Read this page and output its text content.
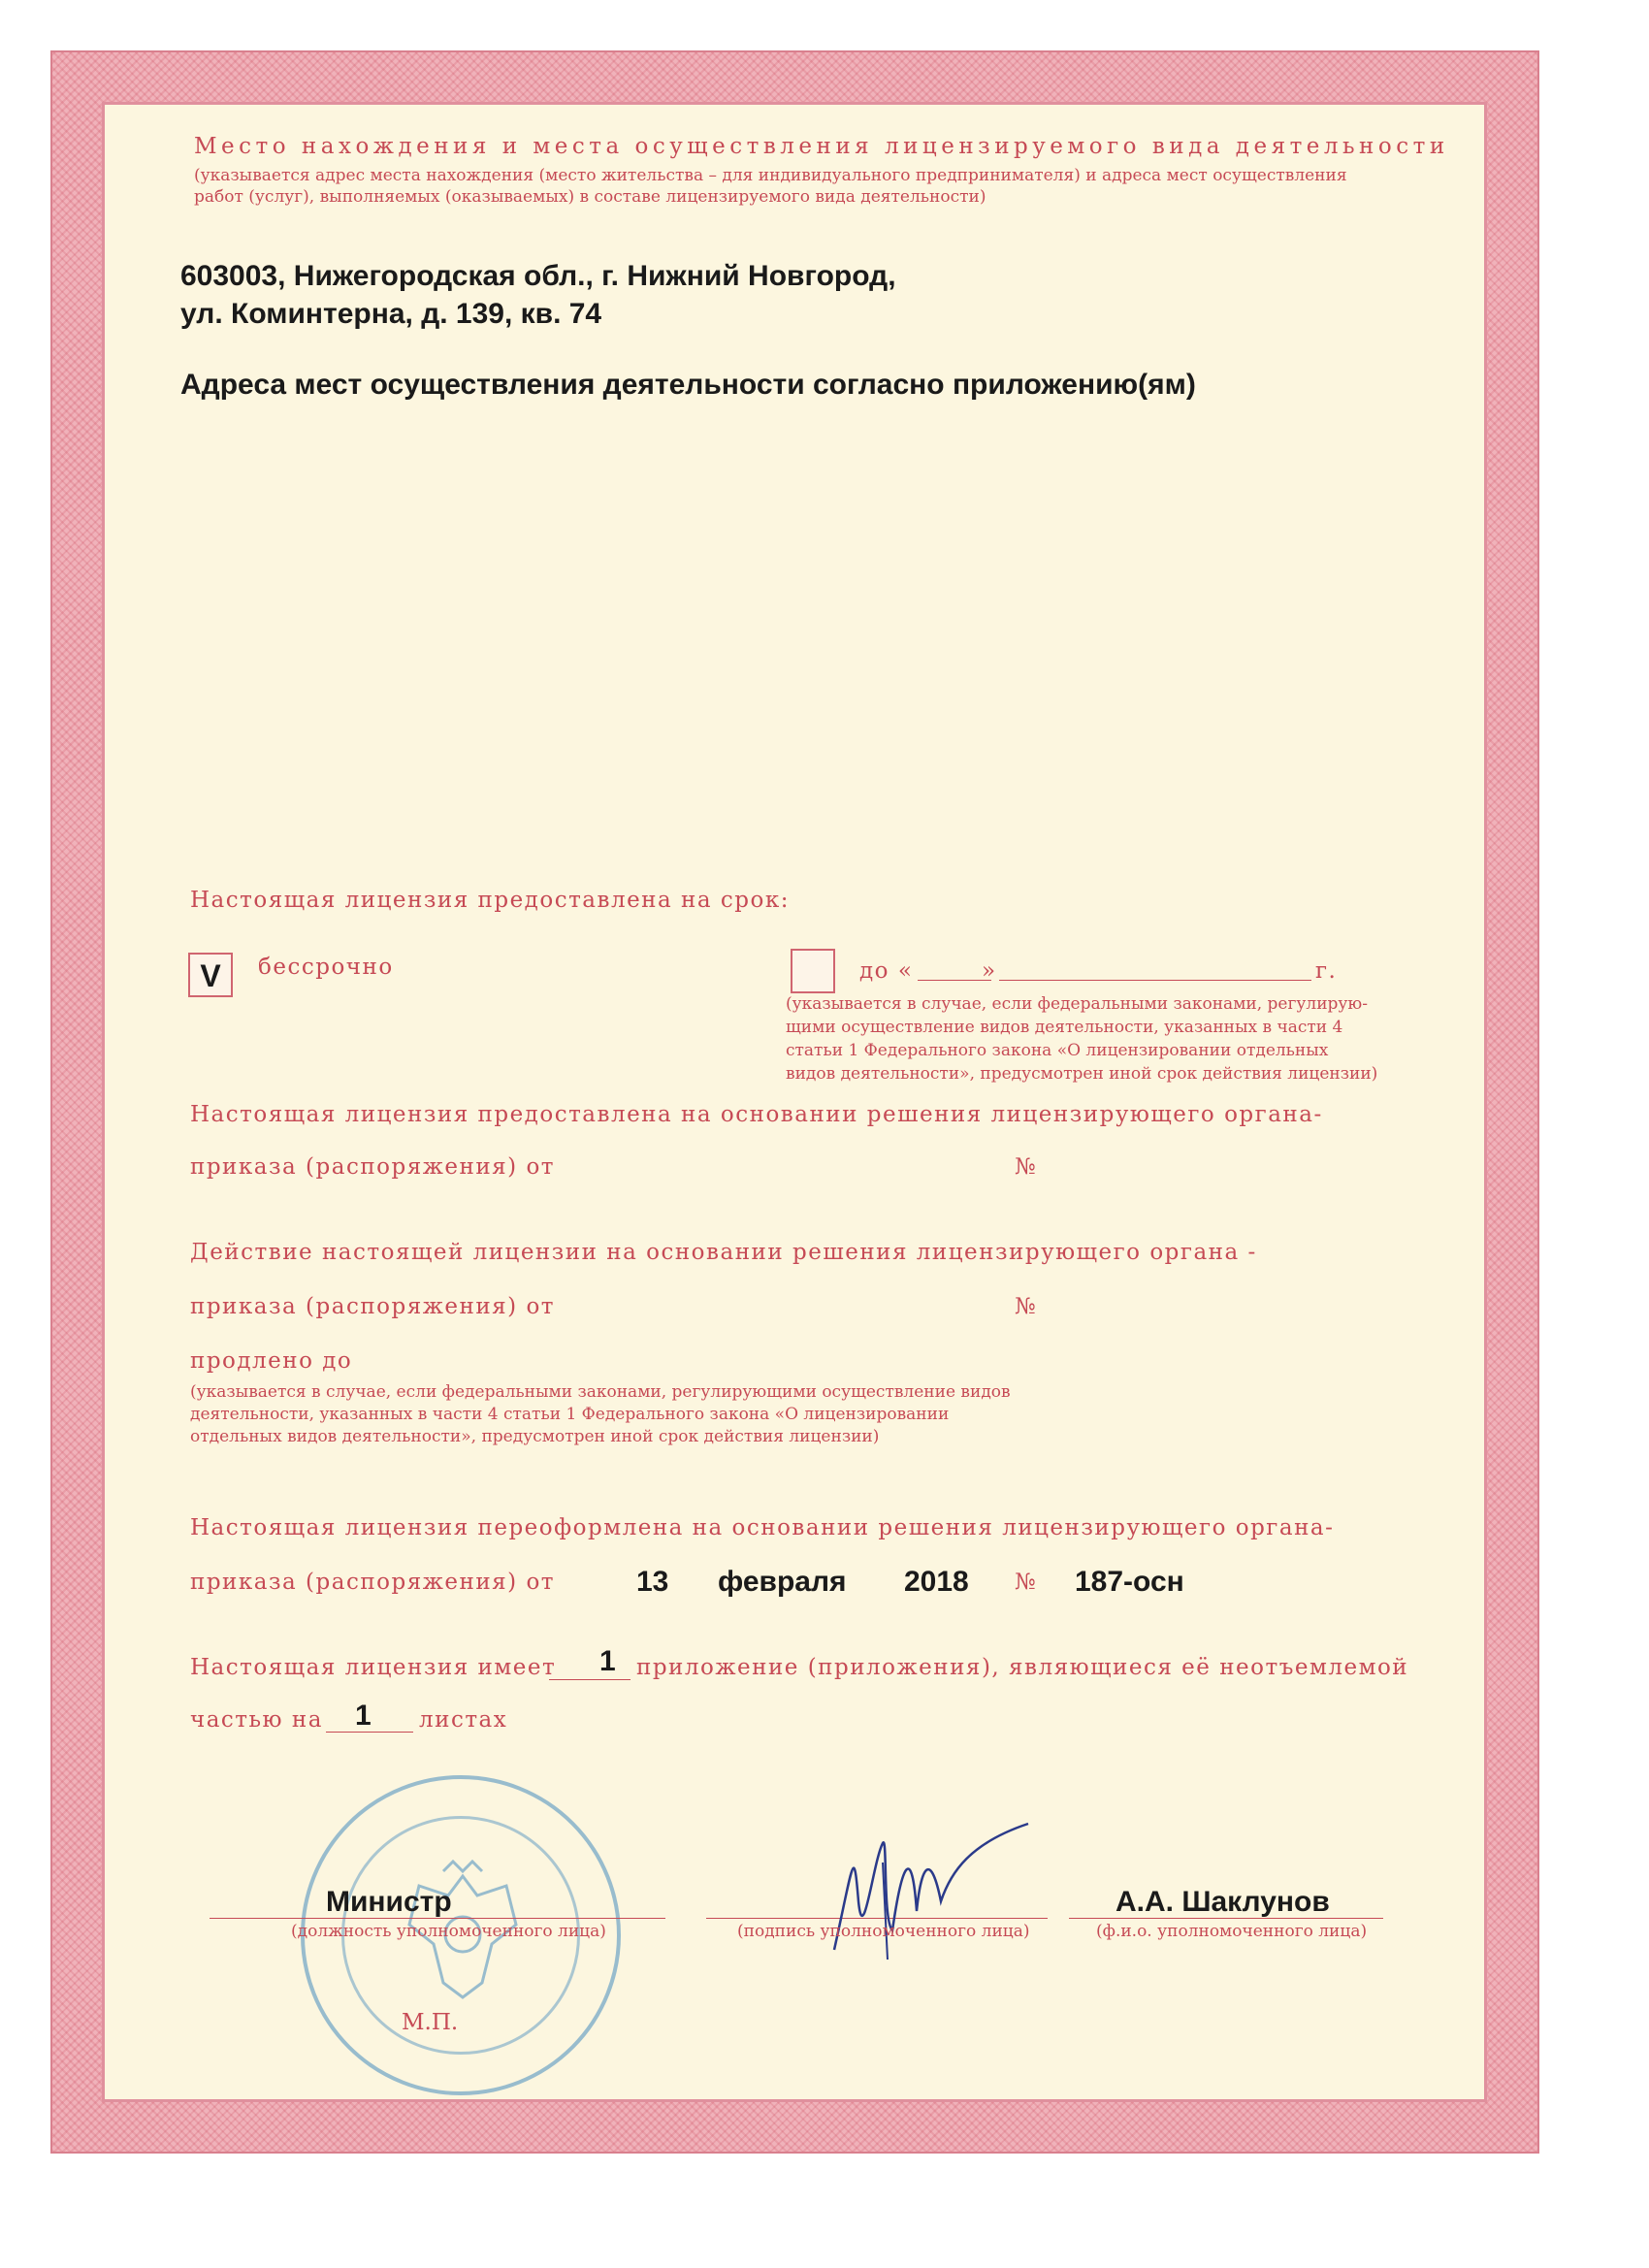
Место нахождения и места осуществления лицензируемого вида деятельности
(указывается адрес места нахождения (место жительства – для индивидуального предпринимателя) и адреса мест осуществления
работ (услуг), выполняемых (оказываемых) в составе лицензируемого вида деятельности)
603003, Нижегородская обл., г. Нижний Новгород,
ул. Коминтерна, д. 139, кв. 74
Адреса мест осуществления деятельности согласно приложению(ям)
Настоящая лицензия предоставлена на срок:
V	бессрочно	до «	»	г.
(указывается в случае, если федеральными законами, регулирую-
щими осуществление видов деятельности, указанных в части 4
статьи 1 Федерального закона «О лицензировании отдельных
видов деятельности», предусмотрен иной срок действия лицензии)
Настоящая лицензия предоставлена на основании решения лицензирующего органа-
приказа (распоряжения) от	№
Действие настоящей лицензии на основании решения лицензирующего органа -
приказа (распоряжения) от	№
продлено до
(указывается в случае, если федеральными законами, регулирующими осуществление видов
деятельности, указанных в части 4 статьи 1 Федерального закона «О лицензировании
отдельных видов деятельности», предусмотрен иной срок действия лицензии)
Настоящая лицензия переоформлена на основании решения лицензирующего органа-
приказа (распоряжения) от	13 февраля 2018 № 187-осн
Настоящая лицензия имеет 1 приложение (приложения), являющиеся её неотъемлемой
частью на 1 листах
Министр
(должность уполномоченного лица)	(подпись уполномоченного лица)
А.А. Шаклунов
(ф.и.о. уполномоченного лица)
М.П.
